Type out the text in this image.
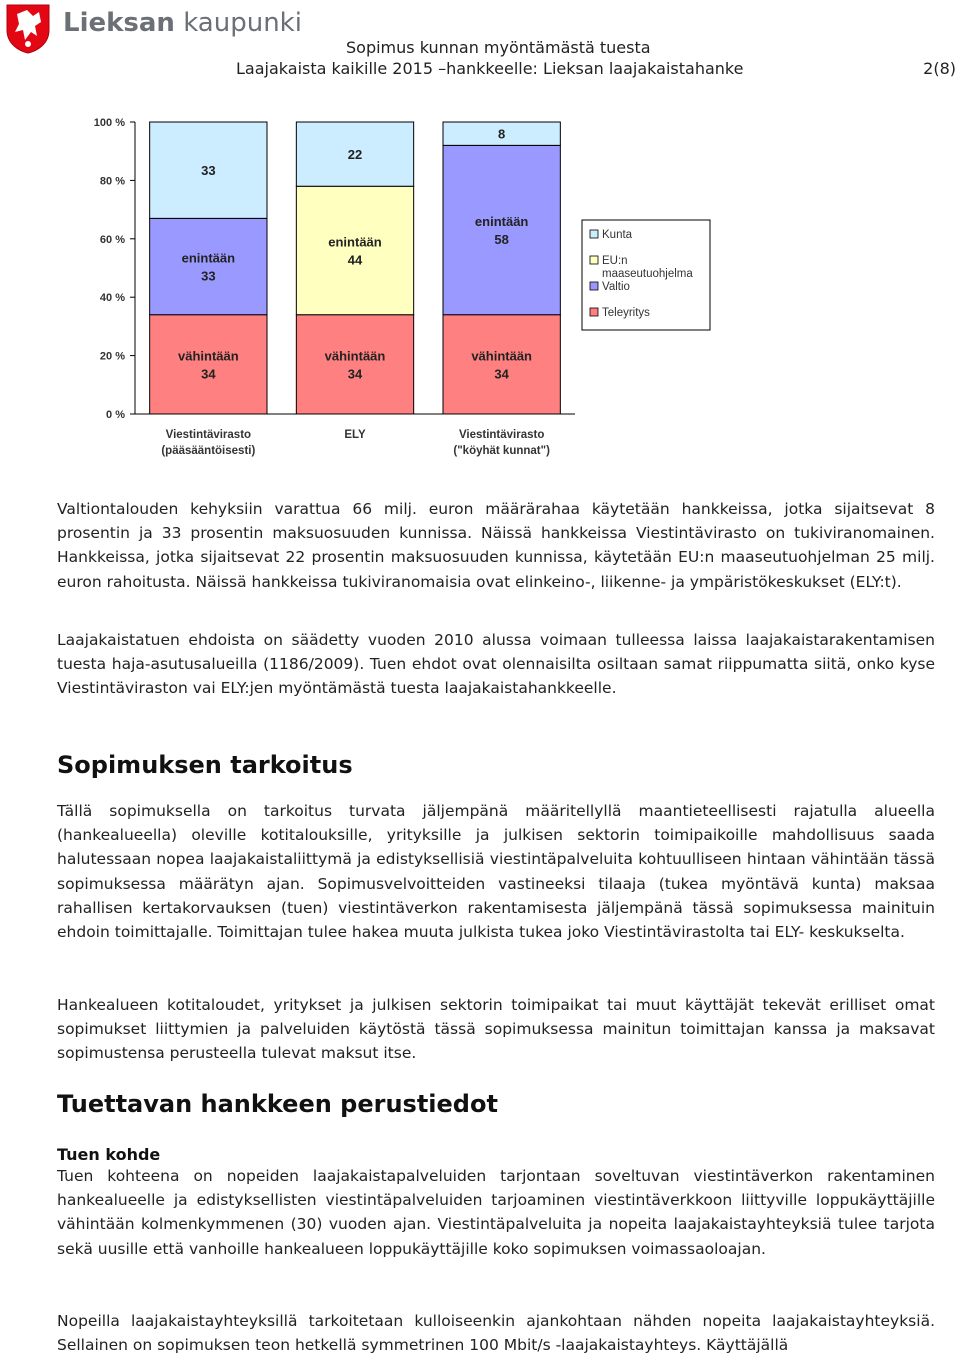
Lieksan kaupunki
Sopimus kunnan myöntämästä tuesta
Laajakaista kaikille 2015 –hankkeelle: Lieksan laajakaistahanke	2(8)
0 %
20 %
40 %
60 %
80 %
100 %
vähintään
34
enintään
33
33
Viestintävirasto
(pääsääntöisesti)
vähintään
34
enintään
44
22
ELY
vähintään
34
enintään
58
8
Viestintävirasto
("köyhät kunnat")
Kunta
EU:n
maaseutuohjelma
Valtio
Teleyritys

Valtiontalouden kehyksiin varattua 66 milj. euron määrärahaa käytetään hankkeissa, jotka sijaitsevat 8 prosentin ja 33 prosentin maksuosuuden kunnissa. Näissä hankkeissa Viestintävirasto on tukiviranomainen. Hankkeissa, jotka sijaitsevat 22 prosentin maksuosuuden kunnissa, käytetään EU:n maaseutuohjelman 25 milj. euron rahoitusta. Näissä hankkeissa tukiviranomaisia ovat elinkeino-, liikenne- ja ympäristökeskukset (ELY:t).

Laajakaistatuen ehdoista on säädetty vuoden 2010 alussa voimaan tulleessa laissa laajakaistarakentamisen tuesta haja-asutusalueilla (1186/2009). Tuen ehdot ovat olennaisilta osiltaan samat riippumatta siitä, onko kyse Viestintäviraston vai ELY:jen myöntämästä tuesta laajakaistahankkeelle.

Sopimuksen tarkoitus

Tällä sopimuksella on tarkoitus turvata jäljempänä määritellyllä maantieteellisesti rajatulla alueella (hankealueella) oleville kotitalouksille, yrityksille ja julkisen sektorin toimipaikoille mahdollisuus saada halutessaan nopea laajakaistaliittymä ja edistyksellisiä viestintäpalveluita kohtuulliseen hintaan vähintään tässä sopimuksessa määrätyn ajan. Sopimusvelvoitteiden vastineeksi tilaaja (tukea myöntävä kunta) maksaa rahallisen kertakorvauksen (tuen) viestintäverkon rakentamisesta jäljempänä tässä sopimuksessa mainituin ehdoin toimittajalle. Toimittajan tulee hakea muuta julkista tukea joko Viestintävirastolta tai ELY- keskukselta.

Hankealueen kotitaloudet, yritykset ja julkisen sektorin toimipaikat tai muut käyttäjät tekevät erilliset omat sopimukset liittymien ja palveluiden käytöstä tässä sopimuksessa mainitun toimittajan kanssa ja maksavat sopimustensa perusteella tulevat maksut itse.

Tuettavan hankkeen perustiedot
Tuen kohde

Tuen kohteena on nopeiden laajakaistapalveluiden tarjontaan soveltuvan viestintäverkon rakentaminen hankealueelle ja edistyksellisten viestintäpalveluiden tarjoaminen viestintäverkkoon liittyville loppukäyttäjille vähintään kolmenkymmenen (30) vuoden ajan. Viestintäpalveluita ja nopeita laajakaistayhteyksiä tulee tarjota sekä uusille että vanhoille hankealueen loppukäyttäjille koko sopimuksen voimassaoloajan.

Nopeilla laajakaistayhteyksillä tarkoitetaan kulloiseenkin ajankohtaan nähden nopeita laajakaistayhteyksiä. Sellainen on sopimuksen teon hetkellä symmetrinen 100 Mbit/s -laajakaistayhteys. Käyttäjällä
